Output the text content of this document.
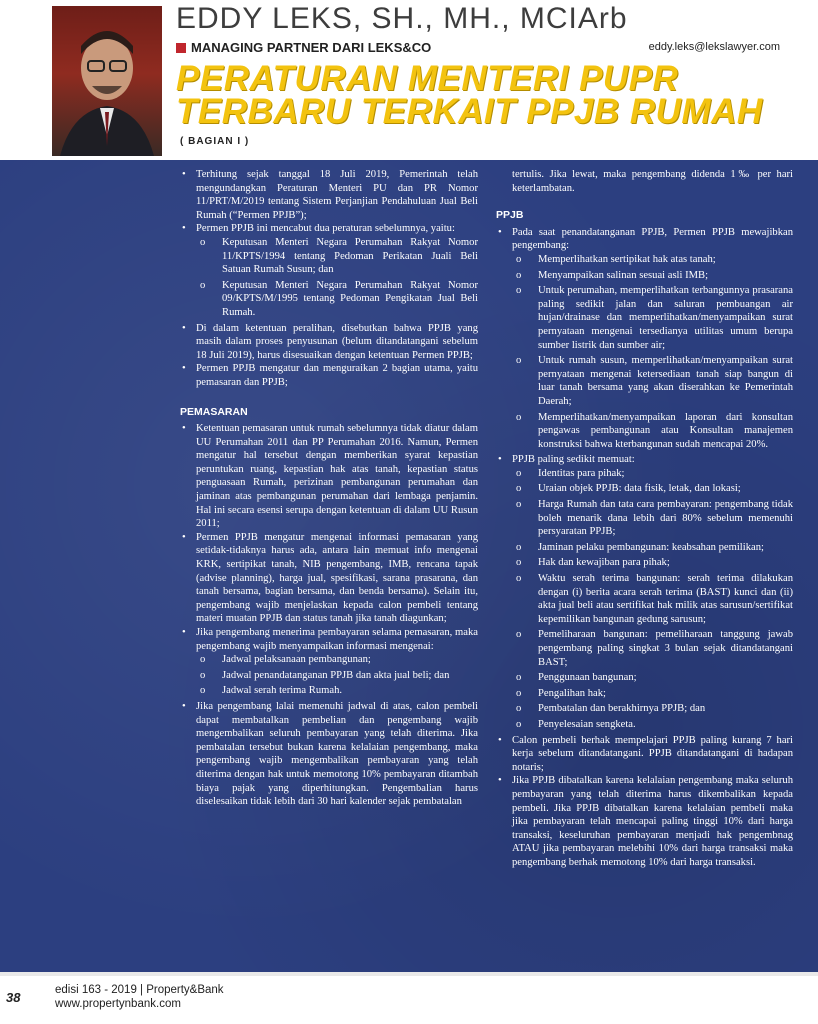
EDDY LEKS, SH., MH., MCIArb
MANAGING PARTNER DARI LEKS&CO	eddy.leks@lekslawyer.com
PERATURAN MENTERI PUPR
TERBARU TERKAIT PPJB RUMAH
( BAGIAN I )
• Terhitung sejak tanggal 18 Juli 2019, Pemerintah telah mengundangkan Peraturan Menteri PU dan PR Nomor 11/PRT/M/2019 tentang Sistem Perjanjian Pendahuluan Jual Beli Rumah (“Permen PPJB”);
• Permen PPJB ini mencabut dua peraturan sebelumnya, yaitu:
o Keputusan Menteri Negara Perumahan Rakyat Nomor 11/KPTS/1994 tentang Pedoman Perikatan Juali Beli Satuan Rumah Susun; dan
o Keputusan Menteri Negara Perumahan Rakyat Nomor 09/KPTS/M/1995 tentang Pedoman Pengikatan Jual Beli Rumah.
• Di dalam ketentuan peralihan, disebutkan bahwa PPJB yang masih dalam proses penyusunan (belum ditandatangani sebelum 18 Juli 2019), harus disesuaikan dengan ketentuan Permen PPJB;
• Permen PPJB mengatur dan menguraikan 2 bagian utama, yaitu pemasaran dan PPJB;
PEMASARAN
• Ketentuan pemasaran untuk rumah sebelumnya tidak diatur dalam UU Perumahan 2011 dan PP Perumahan 2016. Namun, Permen mengatur hal tersebut dengan memberikan syarat kepastian peruntukan ruang, kepastian hak atas tanah, kepastian status penguasaan Rumah, perizinan pembangunan perumahan dan jaminan atas pembangunan perumahan dari lembaga penjamin. Hal ini secara esensi serupa dengan ketentuan di dalam UU Rusun 2011;
• Permen PPJB mengatur mengenai informasi pemasaran yang setidak-tidaknya harus ada, antara lain memuat info mengenai KRK, sertipikat tanah, NIB pengembang, IMB, rencana tapak (advise planning), harga jual, spesifikasi, sarana prasarana, dan tanah bersama, bagian bersama, dan benda bersama). Selain itu, pengembang wajib menjelaskan kepada calon pembeli tentang materi muatan PPJB dan status tanah jika tanah diagunkan;
• Jika pengembang menerima pembayaran selama pemasaran, maka pengembang wajib menyampaikan informasi mengenai:
o Jadwal pelaksanaan pembangunan;
o Jadwal penandatanganan PPJB dan akta jual beli; dan
o Jadwal serah terima Rumah.
• Jika pengembang lalai memenuhi jadwal di atas, calon pembeli dapat membatalkan pembelian dan pengembang wajib mengembalikan seluruh pembayaran yang telah diterima. Jika pembatalan tersebut bukan karena kelalaian pengembang, maka pengembang wajib mengembalikan pembayaran yang telah diterima dengan hak untuk memotong 10% pembayaran ditambah biaya pajak yang diperhitungkan. Pengembalian harus diselesaikan tidak lebih dari 30 hari kalender sejak pembatalan
tertulis. Jika lewat, maka pengembang didenda 1‰ per hari keterlambatan.
PPJB
• Pada saat penandatanganan PPJB, Permen PPJB mewajibkan pengembang:
o Memperlihatkan sertipikat hak atas tanah;
o Menyampaikan salinan sesuai asli IMB;
o Untuk perumahan, memperlihatkan terbangunnya prasarana paling sedikit jalan dan saluran pembuangan air hujan/drainase dan memperlihatkan/menyampaikan surat pernyataan mengenai tersedianya utilitas umum berupa sumber listrik dan sumber air;
o Untuk rumah susun, memperlihatkan/menyampaikan surat pernyataan mengenai ketersediaan tanah siap bangun di luar tanah bersama yang akan diserahkan ke Pemerintah Daerah;
o Memperlihatkan/menyampaikan laporan dari konsultan pengawas pembangunan atau Konsultan manajemen konstruksi bahwa kterbangunan sudah mencapai 20%.
• PPJB paling sedikit memuat:
o Identitas para pihak;
o Uraian objek PPJB: data fisik, letak, dan lokasi;
o Harga Rumah dan tata cara pembayaran: pengembang tidak boleh menarik dana lebih dari 80% sebelum memenuhi persyaratan PPJB;
o Jaminan pelaku pembangunan: keabsahan pemilikan;
o Hak dan kewajiban para pihak;
o Waktu serah terima bangunan: serah terima dilakukan dengan (i) berita acara serah terima (BAST) kunci dan (ii) akta jual beli atau sertifikat hak milik atas sarusun/sertifikat kepemilikan bangunan gedung sarusun;
o Pemeliharaan bangunan: pemeliharaan tanggung jawab pengembang paling singkat 3 bulan sejak ditandatangani BAST;
o Penggunaan bangunan;
o Pengalihan hak;
o Pembatalan dan berakhirnya PPJB; dan
o Penyelesaian sengketa.
• Calon pembeli berhak mempelajari PPJB paling kurang 7 hari kerja sebelum ditandatangani. PPJB ditandatangani di hadapan notaris;
• Jika PPJB dibatalkan karena kelalaian pengembang maka seluruh pembayaran yang telah diterima harus dikembalikan kepada pembeli. Jika PPJB dibatalkan karena kelalaian pembeli maka jika pembayaran telah mencapai paling tinggi 10% dari harga transaksi, keseluruhan pembayaran menjadi hak pengembnag ATAU jika pembayaran melebihi 10% dari harga transaksi maka pengembang berhak memotong 10% dari harga transaksi.
38	edisi 163 - 2019 | Property&Bank
www.propertynbank.com
